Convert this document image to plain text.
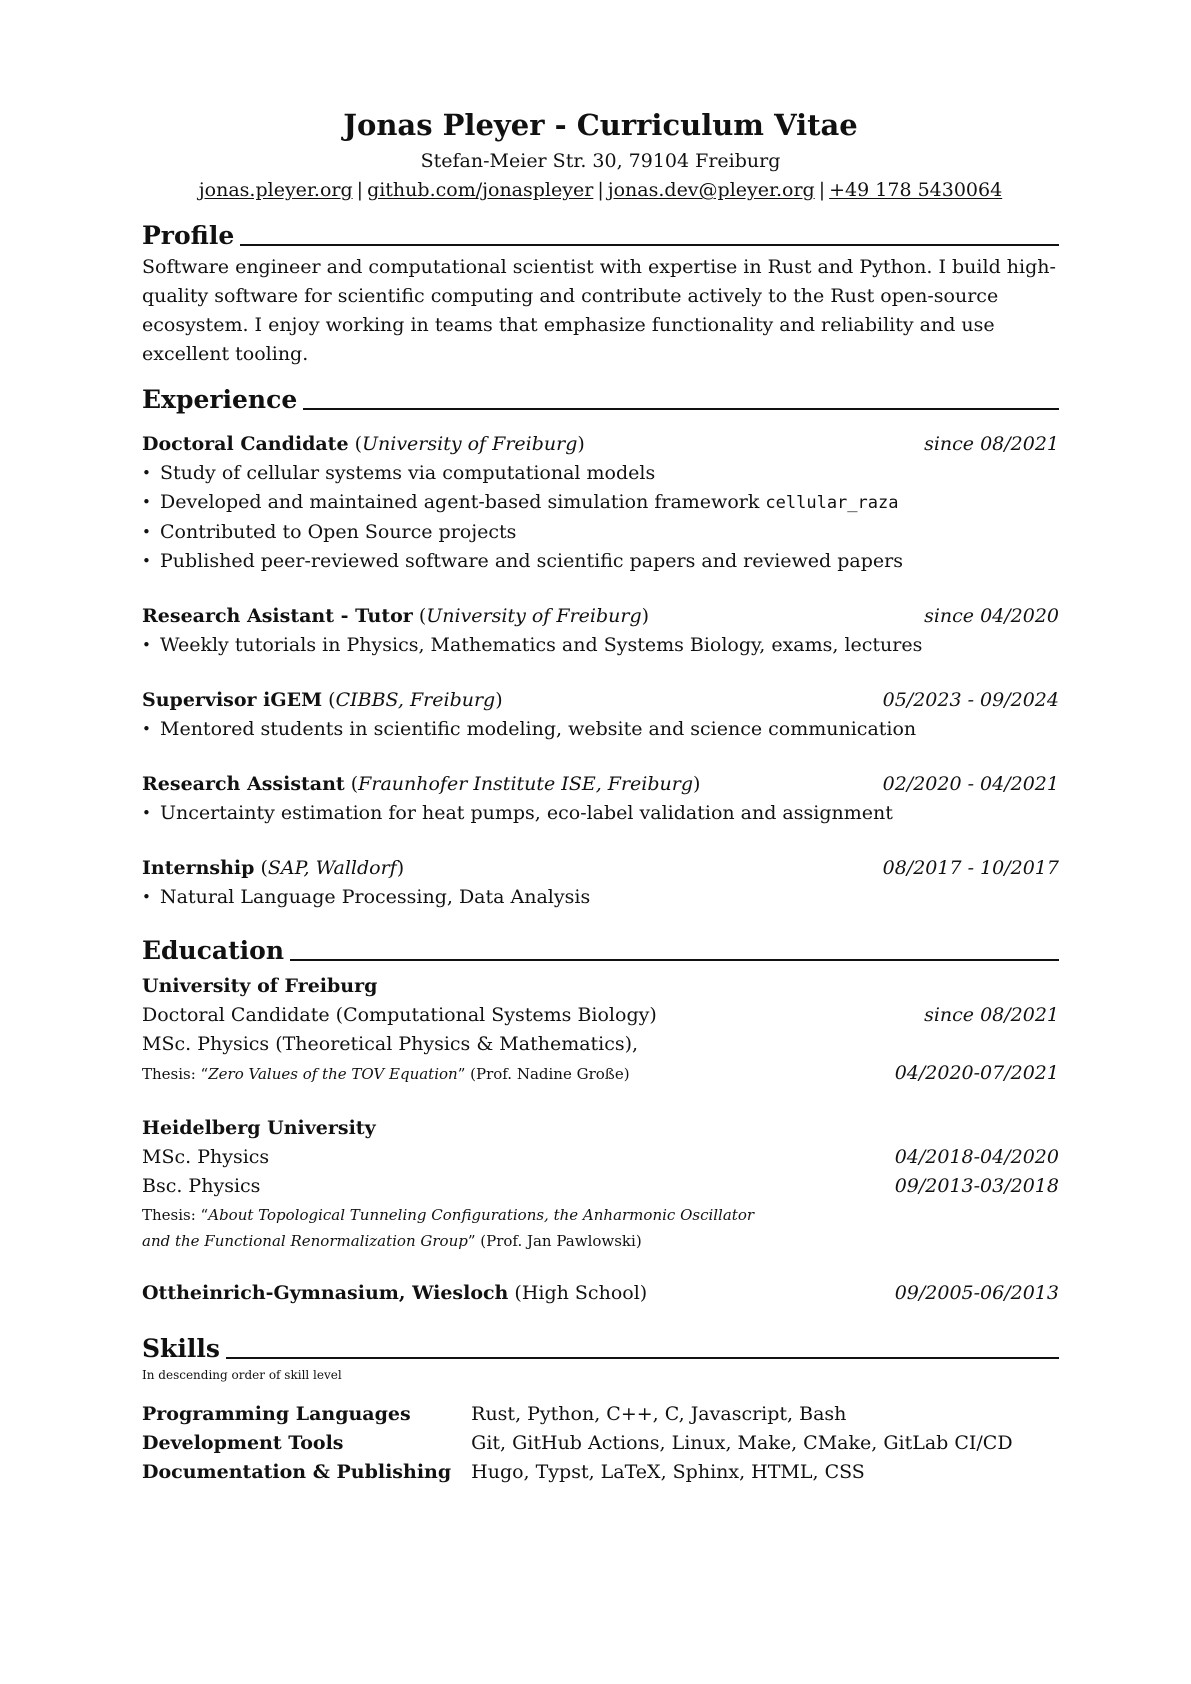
Jonas Pleyer - Curriculum Vitae
Stefan-Meier Str. 30, 79104 Freiburg
jonas.pleyer.org | github.com/jonaspleyer | jonas.dev@pleyer.org | +49 178 5430064
Profile
Software engineer and computational scientist with expertise in Rust and Python. I build high-quality software for scientific computing and contribute actively to the Rust open-source ecosystem. I enjoy working in teams that emphasize functionality and reliability and use excellent tooling.
Experience
Doctoral Candidate (University of Freiburg)	since 08/2021
• Study of cellular systems via computational models
• Developed and maintained agent-based simulation framework cellular_raza
• Contributed to Open Source projects
• Published peer-reviewed software and scientific papers and reviewed papers
Research Asistant - Tutor (University of Freiburg)	since 04/2020
• Weekly tutorials in Physics, Mathematics and Systems Biology, exams, lectures
Supervisor iGEM (CIBBS, Freiburg)	05/2023 - 09/2024
• Mentored students in scientific modeling, website and science communication
Research Assistant (Fraunhofer Institute ISE, Freiburg)	02/2020 - 04/2021
• Uncertainty estimation for heat pumps, eco-label validation and assignment
Internship (SAP, Walldorf)	08/2017 - 10/2017
• Natural Language Processing, Data Analysis
Education
University of Freiburg
Doctoral Candidate (Computational Systems Biology)	since 08/2021
MSc. Physics (Theoretical Physics & Mathematics),
Thesis: “Zero Values of the TOV Equation” (Prof. Nadine Große)	04/2020-07/2021
Heidelberg University
MSc. Physics	04/2018-04/2020
Bsc. Physics	09/2013-03/2018
Thesis: “About Topological Tunneling Configurations, the Anharmonic Oscillator
and the Functional Renormalization Group” (Prof. Jan Pawlowski)
Ottheinrich-Gymnasium, Wiesloch (High School)	09/2005-06/2013
Skills
In descending order of skill level
Programming Languages	Rust, Python, C++, C, Javascript, Bash
Development Tools	Git, GitHub Actions, Linux, Make, CMake, GitLab CI/CD
Documentation & Publishing	Hugo, Typst, LaTeX, Sphinx, HTML, CSS
